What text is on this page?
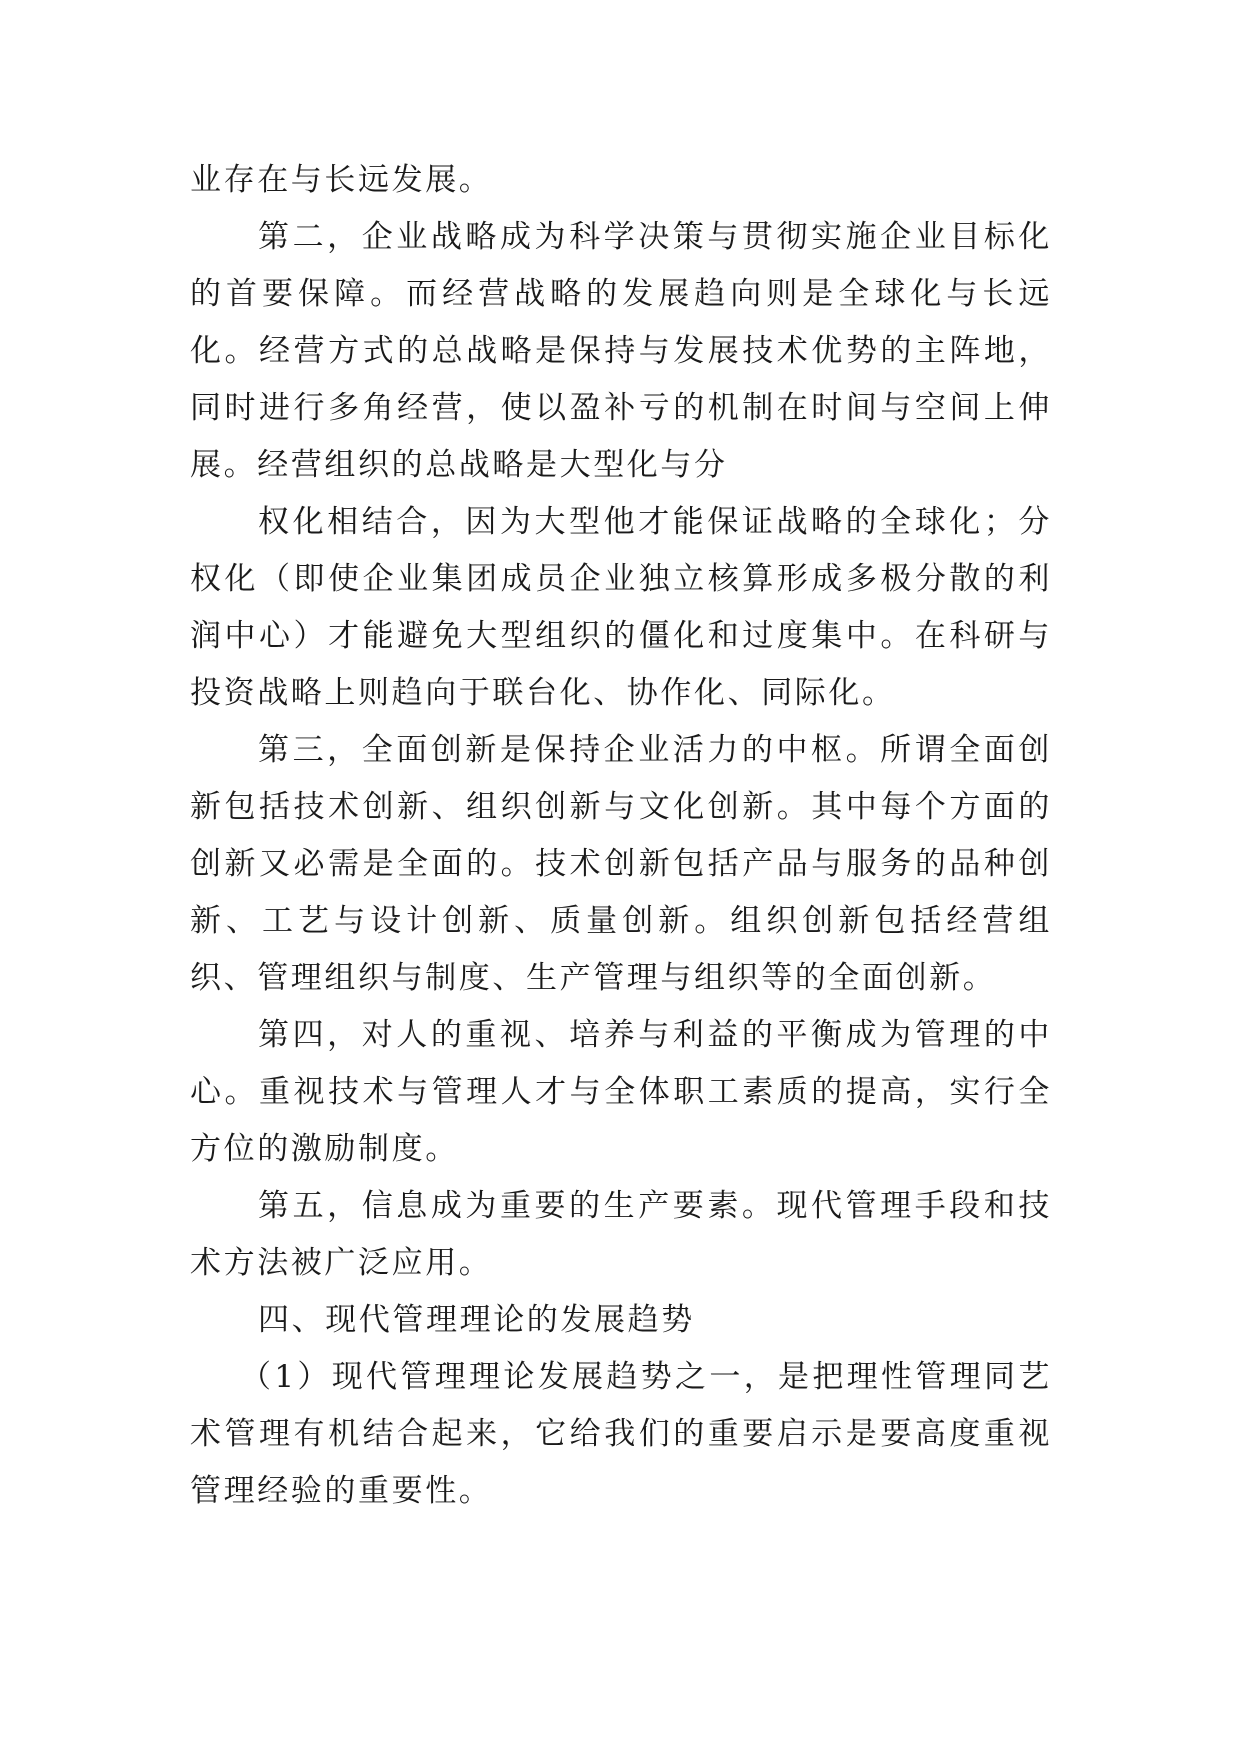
业存在与长远发展。

第二，企业战略成为科学决策与贯彻实施企业目标化的首要保障。而经营战略的发展趋向则是全球化与长远化。经营方式的总战略是保持与发展技术优势的主阵地，同时进行多角经营，使以盈补亏的机制在时间与空间上伸展。经营组织的总战略是大型化与分

权化相结合，因为大型他才能保证战略的全球化；分权化（即使企业集团成员企业独立核算形成多极分散的利润中心）才能避免大型组织的僵化和过度集中。在科研与投资战略上则趋向于联台化、协作化、同际化。

第三，全面创新是保持企业活力的中枢。所谓全面创新包括技术创新、组织创新与文化创新。其中每个方面的创新又必需是全面的。技术创新包括产品与服务的品种创新、工艺与设计创新、质量创新。组织创新包括经营组织、管理组织与制度、生产管理与组织等的全面创新。

第四，对人的重视、培养与利益的平衡成为管理的中心。重视技术与管理人才与全体职工素质的提高，实行全方位的激励制度。

第五，信息成为重要的生产要素。现代管理手段和技术方法被广泛应用。

四、现代管理理论的发展趋势

（1）现代管理理论发展趋势之一，是把理性管理同艺术管理有机结合起来，它给我们的重要启示是要高度重视管理经验的重要性。
